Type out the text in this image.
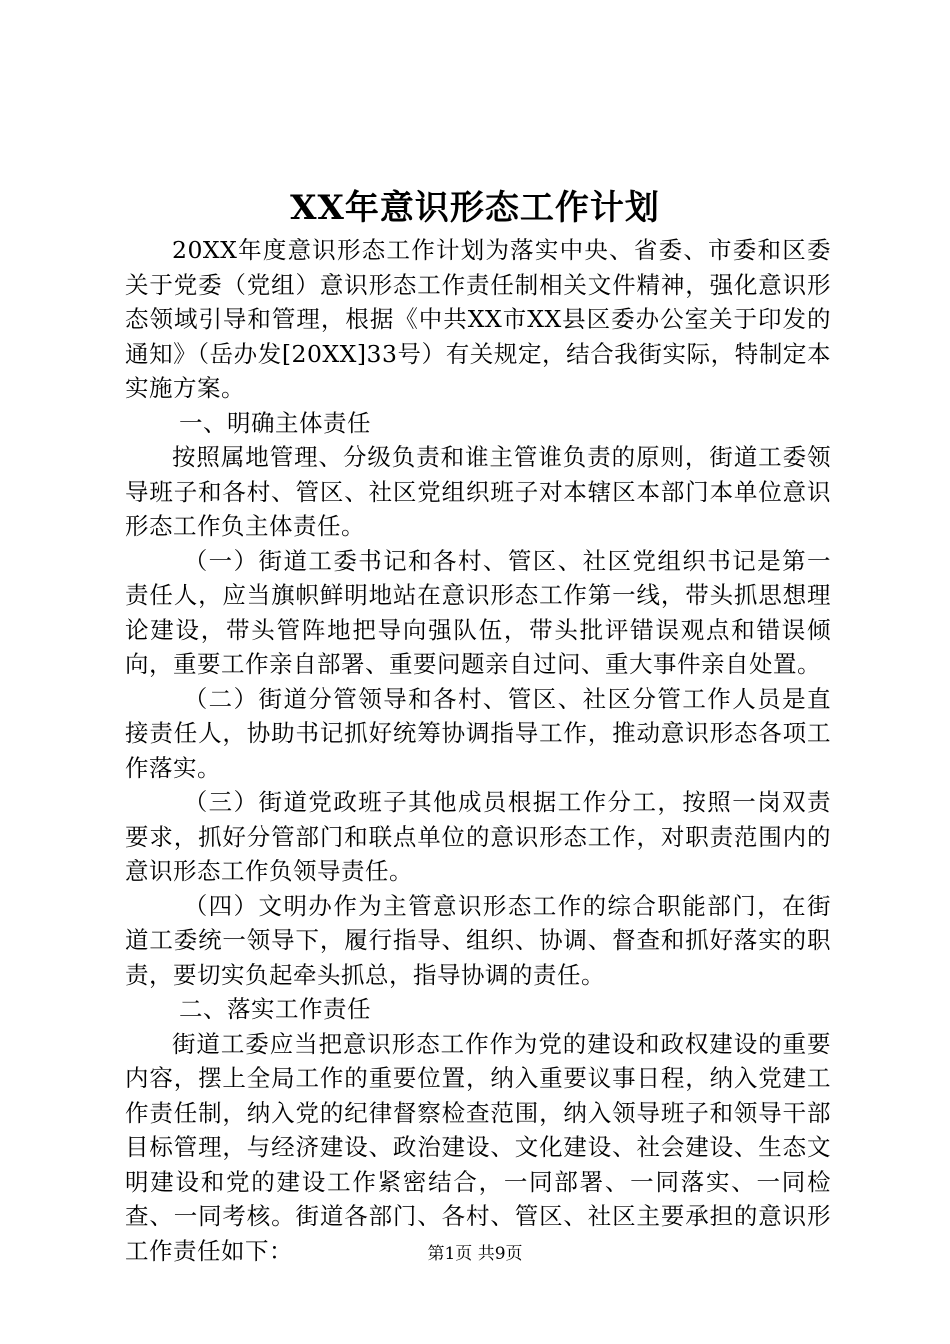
XX年意识形态工作计划

20XX年度意识形态工作计划为落实中央、省委、市委和区委关于党委（党组）意识形态工作责任制相关文件精神，强化意识形态领域引导和管理，根据《中共XX市XX县区委办公室关于印发的通知》（岳办发[20XX]33号）有关规定，结合我街实际，特制定本实施方案。

一、明确主体责任

按照属地管理、分级负责和谁主管谁负责的原则，街道工委领导班子和各村、管区、社区党组织班子对本辖区本部门本单位意识形态工作负主体责任。

（一）街道工委书记和各村、管区、社区党组织书记是第一责任人，应当旗帜鲜明地站在意识形态工作第一线，带头抓思想理论建设，带头管阵地把导向强队伍，带头批评错误观点和错误倾向，重要工作亲自部署、重要问题亲自过问、重大事件亲自处置。

（二）街道分管领导和各村、管区、社区分管工作人员是直接责任人，协助书记抓好统筹协调指导工作，推动意识形态各项工作落实。

（三）街道党政班子其他成员根据工作分工，按照一岗双责要求，抓好分管部门和联点单位的意识形态工作，对职责范围内的意识形态工作负领导责任。

（四）文明办作为主管意识形态工作的综合职能部门，在街道工委统一领导下，履行指导、组织、协调、督查和抓好落实的职责，要切实负起牵头抓总，指导协调的责任。

二、落实工作责任

街道工委应当把意识形态工作作为党的建设和政权建设的重要内容，摆上全局工作的重要位置，纳入重要议事日程，纳入党建工作责任制，纳入党的纪律督察检查范围，纳入领导班子和领导干部目标管理，与经济建设、政治建设、文化建设、社会建设、生态文明建设和党的建设工作紧密结合，一同部署、一同落实、一同检查、一同考核。街道各部门、各村、管区、社区主要承担的意识形工作责任如下：	第1页 共9页
